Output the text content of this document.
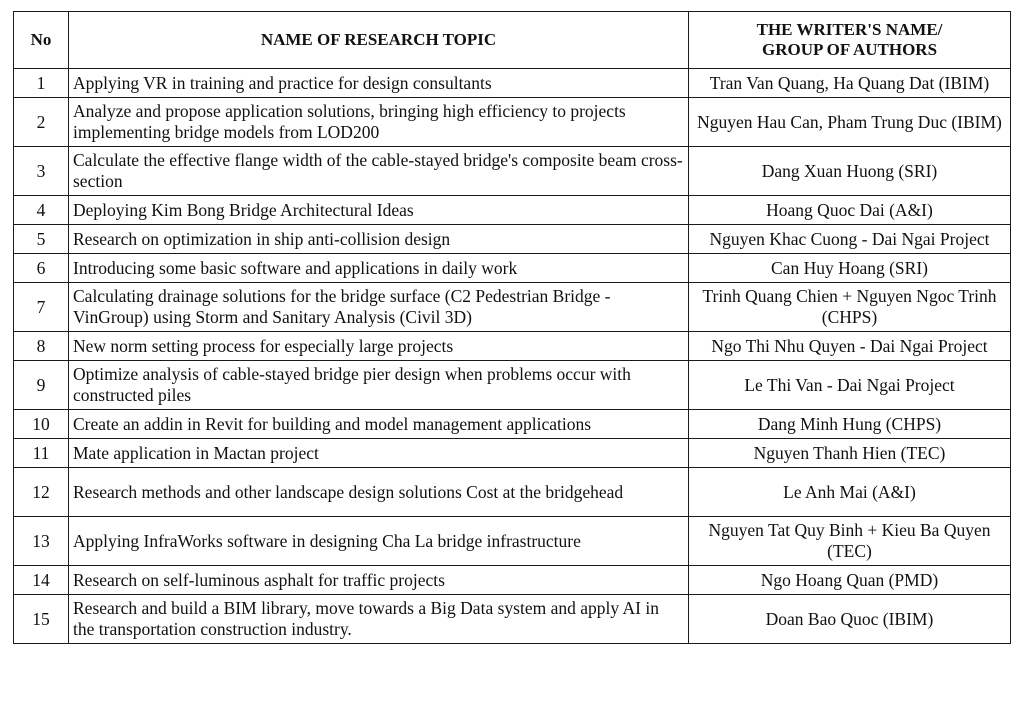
No	NAME OF RESEARCH TOPIC	THE WRITER'S NAME/
GROUP OF AUTHORS
1	Applying VR in training and practice for design consultants	Tran Van Quang, Ha Quang Dat (IBIM)
2	Analyze and propose application solutions, bringing high efficiency to projects implementing bridge models from LOD200	Nguyen Hau Can, Pham Trung Duc (IBIM)
3	Calculate the effective flange width of the cable-stayed bridge's composite beam cross-section	Dang Xuan Huong (SRI)
4	Deploying Kim Bong Bridge Architectural Ideas	Hoang Quoc Dai (A&I)
5	Research on optimization in ship anti-collision design	Nguyen Khac Cuong - Dai Ngai Project
6	Introducing some basic software and applications in daily work	Can Huy Hoang (SRI)
7	Calculating drainage solutions for the bridge surface (C2 Pedestrian Bridge - VinGroup) using Storm and Sanitary Analysis (Civil 3D)	Trinh Quang Chien + Nguyen Ngoc Trinh (CHPS)
8	New norm setting process for especially large projects	Ngo Thi Nhu Quyen - Dai Ngai Project
9	Optimize analysis of cable-stayed bridge pier design when problems occur with constructed piles	Le Thi Van - Dai Ngai Project
10	Create an addin in Revit for building and model management applications	Dang Minh Hung (CHPS)
11	Mate application in Mactan project	Nguyen Thanh Hien (TEC)
12	Research methods and other landscape design solutions Cost at the bridgehead	Le Anh Mai (A&I)
13	Applying InfraWorks software in designing Cha La bridge infrastructure	Nguyen Tat Quy Binh + Kieu Ba Quyen (TEC)
14	Research on self-luminous asphalt for traffic projects	Ngo Hoang Quan (PMD)
15	Research and build a BIM library, move towards a Big Data system and apply AI in the transportation construction industry.	Doan Bao Quoc (IBIM)
